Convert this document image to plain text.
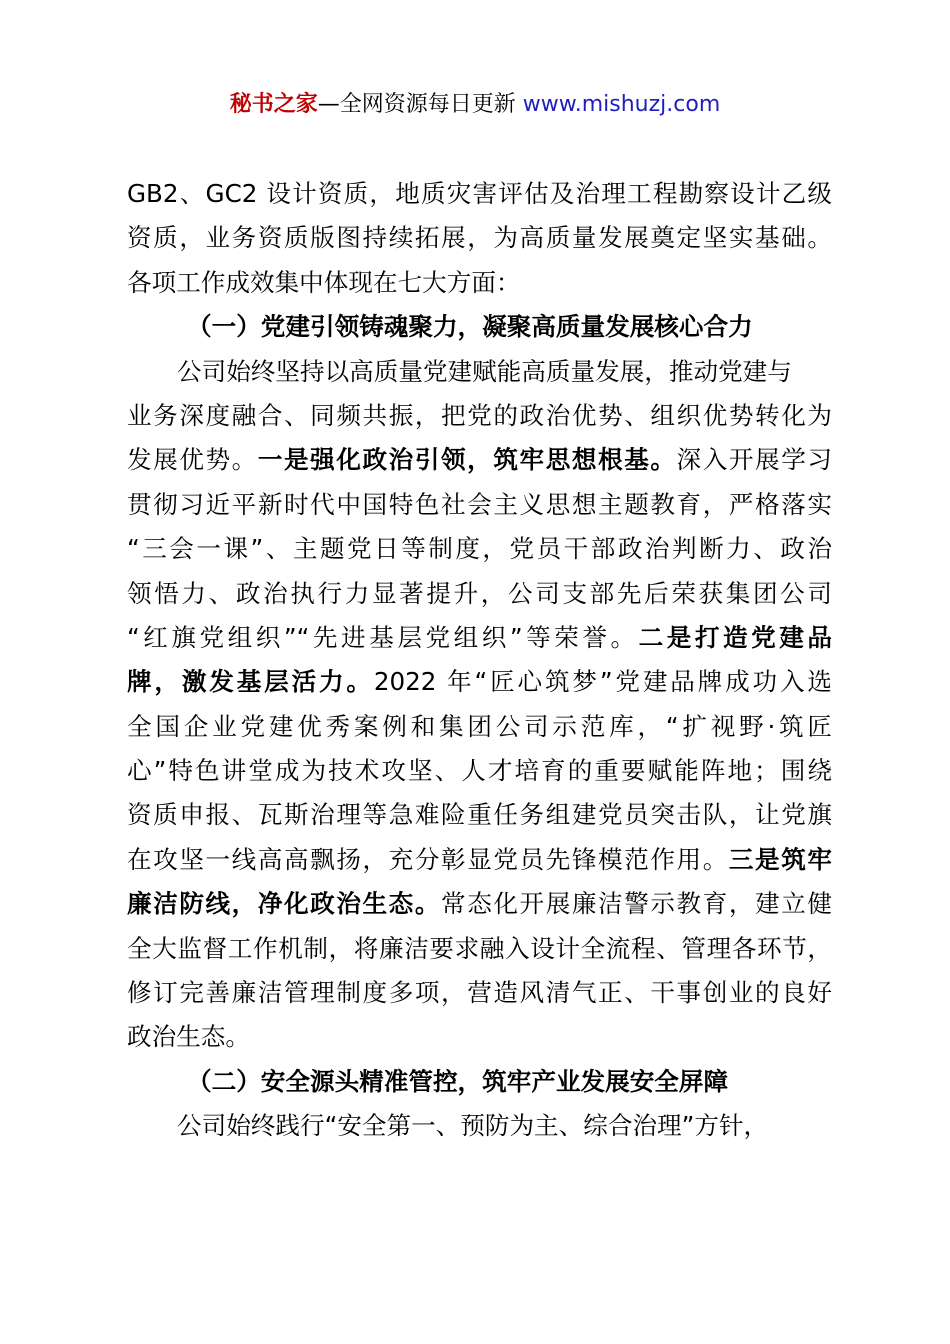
秘书之家—全网资源每日更新 www.mishuzj.com
GB2、GC2 设计资质，地质灾害评估及治理工程勘察设计乙级
资质，业务资质版图持续拓展，为高质量发展奠定坚实基础。
各项工作成效集中体现在七大方面：
（一）党建引领铸魂聚力，凝聚高质量发展核心合力
公司始终坚持以高质量党建赋能高质量发展，推动党建与
业务深度融合、同频共振，把党的政治优势、组织优势转化为
发展优势。一是强化政治引领，筑牢思想根基。深入开展学习
贯彻习近平新时代中国特色社会主义思想主题教育，严格落实
“三会一课”、主题党日等制度，党员干部政治判断力、政治
领悟力、政治执行力显著提升，公司支部先后荣获集团公司
“红旗党组织”“先进基层党组织”等荣誉。二是打造党建品
牌，激发基层活力。2022 年“匠心筑梦”党建品牌成功入选
全国企业党建优秀案例和集团公司示范库，“扩视野·筑匠
心”特色讲堂成为技术攻坚、人才培育的重要赋能阵地；围绕
资质申报、瓦斯治理等急难险重任务组建党员突击队，让党旗
在攻坚一线高高飘扬，充分彰显党员先锋模范作用。三是筑牢
廉洁防线，净化政治生态。常态化开展廉洁警示教育，建立健
全大监督工作机制，将廉洁要求融入设计全流程、管理各环节，
修订完善廉洁管理制度多项，营造风清气正、干事创业的良好
政治生态。
（二）安全源头精准管控，筑牢产业发展安全屏障
公司始终践行“安全第一、预防为主、综合治理”方针，
